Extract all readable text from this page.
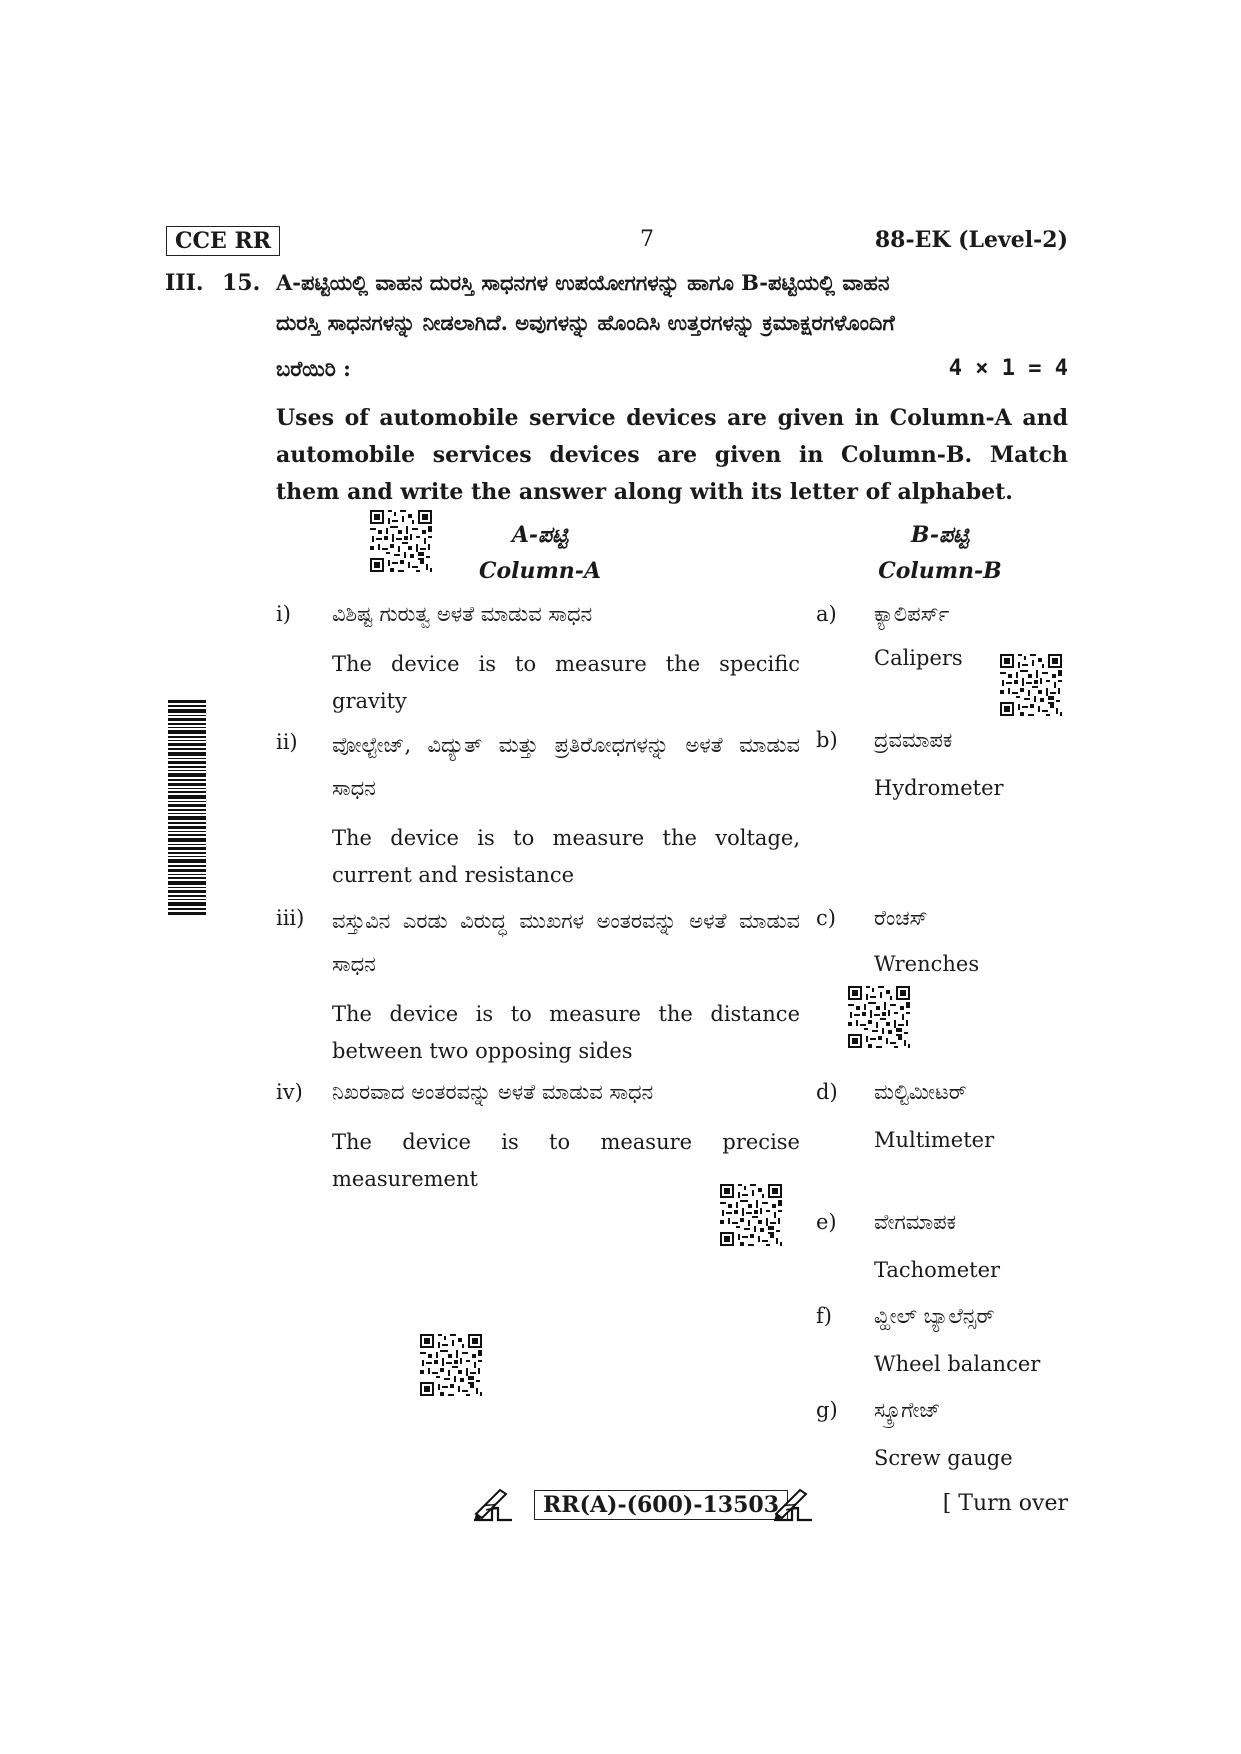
CCE RR	7	88-EK (Level-2)
III. 15. A-ಪಟ್ಟಿಯಲ್ಲಿ ವಾಹನ ದುರಸ್ತಿ ಸಾಧನಗಳ ಉಪಯೋಗಗಳನ್ನು ಹಾಗೂ B-ಪಟ್ಟಿಯಲ್ಲಿ ವಾಹನ
ದುರಸ್ತಿ ಸಾಧನಗಳನ್ನು ನೀಡಲಾಗಿದೆ. ಅವುಗಳನ್ನು ಹೊಂದಿಸಿ ಉತ್ತರಗಳನ್ನು ಕ್ರಮಾಕ್ಷರಗಳೊಂದಿಗೆ
ಬರೆಯಿರಿ :	4 × 1 = 4
Uses of automobile service devices are given in Column-A and automobile services devices are given in Column-B. Match them and write the answer along with its letter of alphabet.
A-ಪಟ್ಟಿ
Column-A
B-ಪಟ್ಟಿ
Column-B
i) ವಿಶಿಷ್ಟ ಗುರುತ್ವ ಅಳತೆ ಮಾಡುವ ಸಾಧನ
The device is to measure the specific gravity
ii) ವೋಲ್ಟೇಜ್, ವಿದ್ಯುತ್ ಮತ್ತು ಪ್ರತಿರೋಧಗಳನ್ನು ಅಳತೆ ಮಾಡುವ ಸಾಧನ
The device is to measure the voltage, current and resistance
iii) ವಸ್ತುವಿನ ಎರಡು ವಿರುದ್ಧ ಮುಖಗಳ ಅಂತರವನ್ನು ಅಳತೆ ಮಾಡುವ ಸಾಧನ
The device is to measure the distance between two opposing sides
iv) ನಿಖರವಾದ ಅಂತರವನ್ನು ಅಳತೆ ಮಾಡುವ ಸಾಧನ
The device is to measure precise measurement
a) ಕ್ಯಾಲಿಪರ್ಸ್
Calipers
b) ದ್ರವಮಾಪಕ
Hydrometer
c) ರೆಂಚಸ್
Wrenches
d) ಮಲ್ಟಿಮೀಟರ್
Multimeter
e) ವೇಗಮಾಪಕ
Tachometer
f) ವ್ಹೀಲ್ ಬ್ಯಾಲೆನ್ಸರ್
Wheel balancer
g) ಸ್ಕ್ರೂಗೇಜ್
Screw gauge
RR(A)-(600)-13503	[ Turn over
